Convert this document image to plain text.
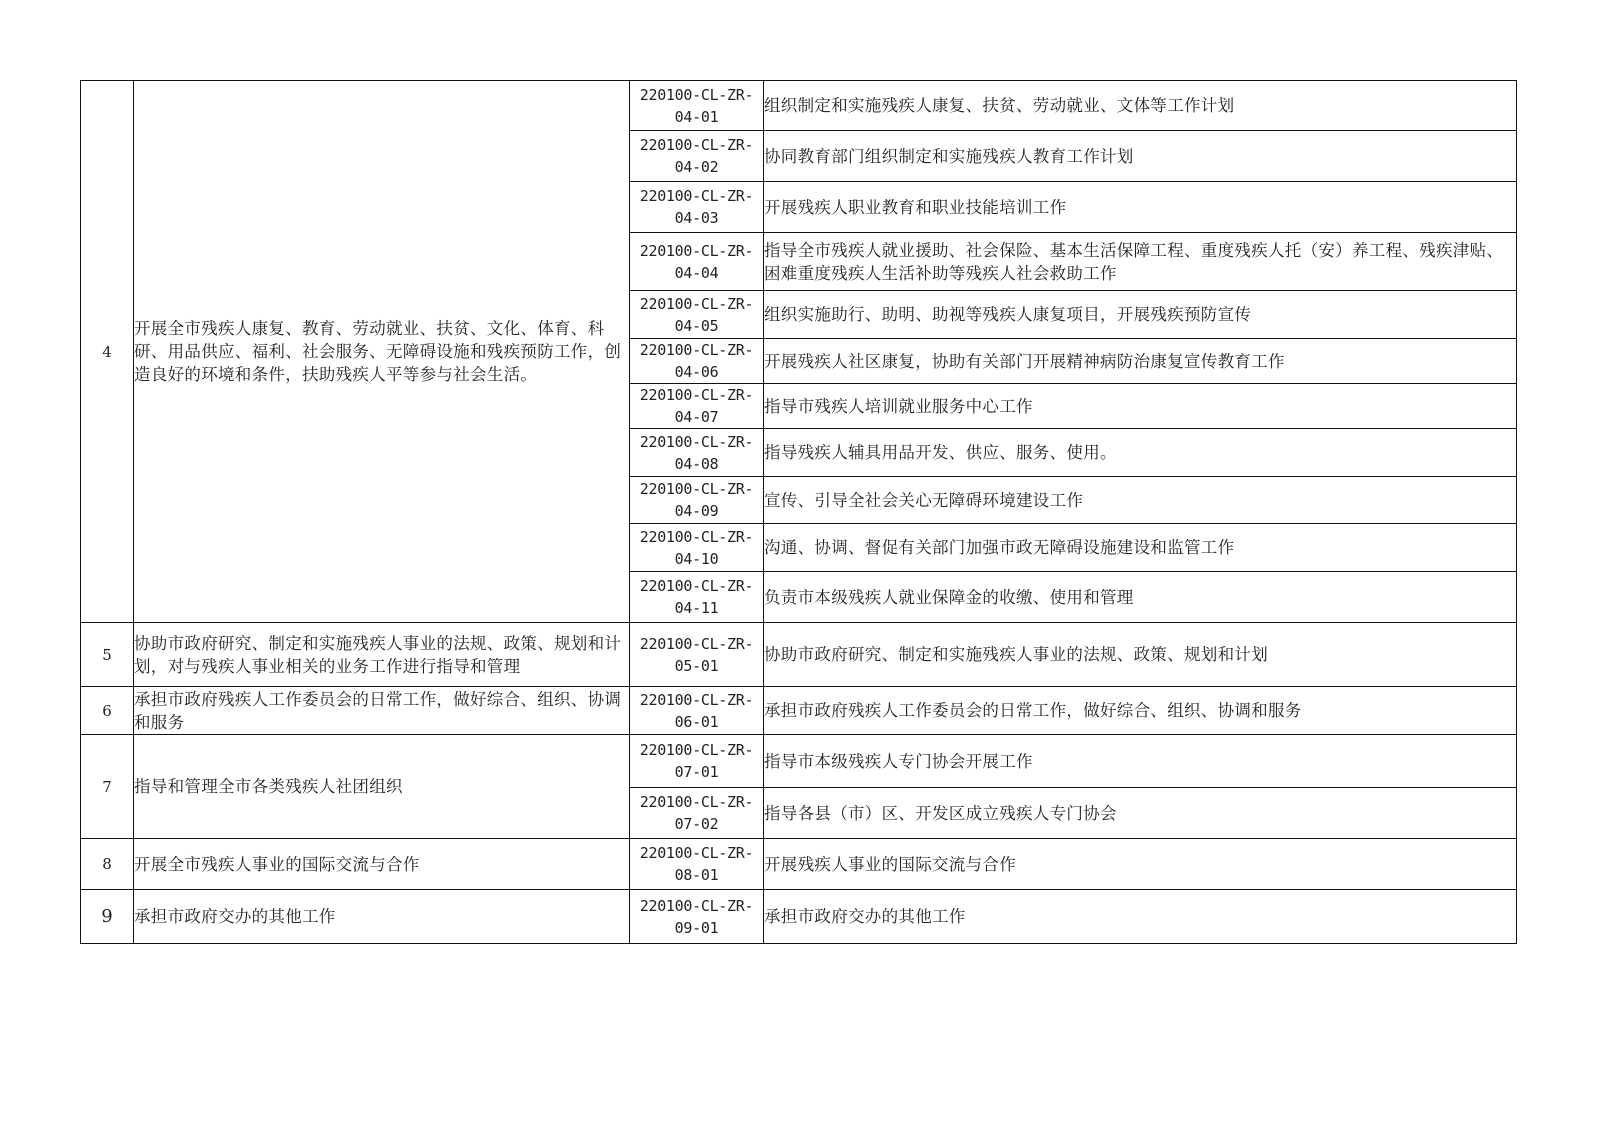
4	开展全市残疾人康复、教育、劳动就业、扶贫、文化、体育、科研、用品供应、福利、社会服务、无障碍设施和残疾预防工作，创造良好的环境和条件，扶助残疾人平等参与社会生活。	220100-CL-ZR-04-01	组织制定和实施残疾人康复、扶贫、劳动就业、文体等工作计划
		220100-CL-ZR-04-02	协同教育部门组织制定和实施残疾人教育工作计划
		220100-CL-ZR-04-03	开展残疾人职业教育和职业技能培训工作
		220100-CL-ZR-04-04	指导全市残疾人就业援助、社会保险、基本生活保障工程、重度残疾人托（安）养工程、残疾津贴、困难重度残疾人生活补助等残疾人社会救助工作
		220100-CL-ZR-04-05	组织实施助行、助明、助视等残疾人康复项目，开展残疾预防宣传
		220100-CL-ZR-04-06	开展残疾人社区康复，协助有关部门开展精神病防治康复宣传教育工作
		220100-CL-ZR-04-07	指导市残疾人培训就业服务中心工作
		220100-CL-ZR-04-08	指导残疾人辅具用品开发、供应、服务、使用。
		220100-CL-ZR-04-09	宣传、引导全社会关心无障碍环境建设工作
		220100-CL-ZR-04-10	沟通、协调、督促有关部门加强市政无障碍设施建设和监管工作
		220100-CL-ZR-04-11	负责市本级残疾人就业保障金的收缴、使用和管理
5	协助市政府研究、制定和实施残疾人事业的法规、政策、规划和计划，对与残疾人事业相关的业务工作进行指导和管理	220100-CL-ZR-05-01	协助市政府研究、制定和实施残疾人事业的法规、政策、规划和计划
6	承担市政府残疾人工作委员会的日常工作，做好综合、组织、协调和服务	220100-CL-ZR-06-01	承担市政府残疾人工作委员会的日常工作，做好综合、组织、协调和服务
7	指导和管理全市各类残疾人社团组织	220100-CL-ZR-07-01	指导市本级残疾人专门协会开展工作
		220100-CL-ZR-07-02	指导各县（市）区、开发区成立残疾人专门协会
8	开展全市残疾人事业的国际交流与合作	220100-CL-ZR-08-01	开展残疾人事业的国际交流与合作
9	承担市政府交办的其他工作	220100-CL-ZR-09-01	承担市政府交办的其他工作
